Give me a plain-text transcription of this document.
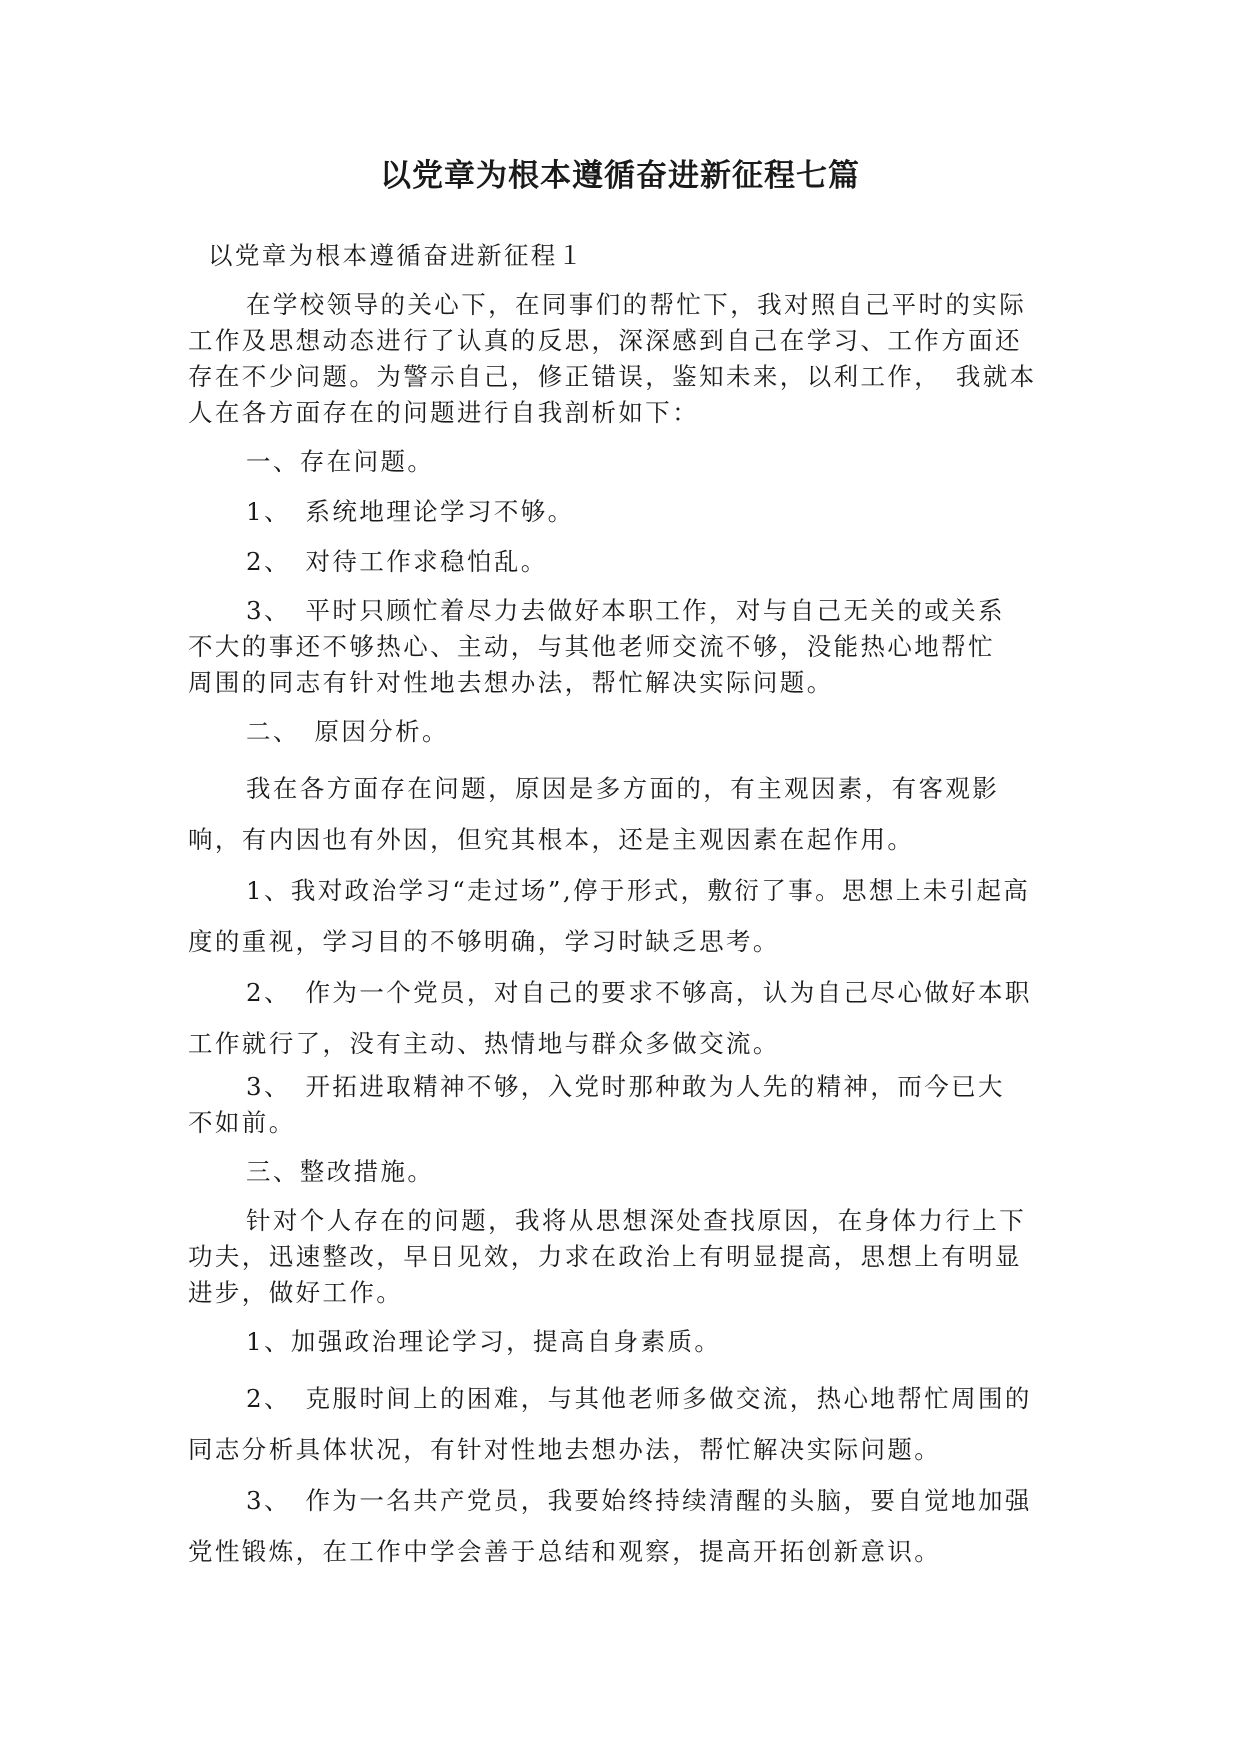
以党章为根本遵循奋进新征程七篇

以党章为根本遵循奋进新征程１

在学校领导的关心下，在同事们的帮忙下，我对照自己平时的实际工作及思想动态进行了认真的反思，深深感到自己在学习、工作方面还存在不少问题。为警示自己，修正错误，鉴知未来，以利工作，　我就本人在各方面存在的问题进行自我剖析如下：

一、存在问题。

1、　系统地理论学习不够。

2、　对待工作求稳怕乱。

3、　平时只顾忙着尽力去做好本职工作，对与自己无关的或关系　不大的事还不够热心、主动，与其他老师交流不够，没能热心地帮忙　周围的同志有针对性地去想办法，帮忙解决实际问题。

二、　原因分析。

我在各方面存在问题，原因是多方面的，有主观因素，有客观影响，有内因也有外因，但究其根本，还是主观因素在起作用。

1、我对政治学习“走过场”,停于形式，敷衍了事。思想上未引起高度的重视，学习目的不够明确，学习时缺乏思考。

2、　作为一个党员，对自己的要求不够高，认为自己尽心做好本职工作就行了，没有主动、热情地与群众多做交流。

3、　开拓进取精神不够，入党时那种敢为人先的精神，而今已大　不如前。

三、整改措施。

针对个人存在的问题，我将从思想深处查找原因，在身体力行上下功夫，迅速整改，早日见效，力求在政治上有明显提高，思想上有明显进步，做好工作。

1、加强政治理论学习，提高自身素质。

2、　克服时间上的困难，与其他老师多做交流，热心地帮忙周围的同志分析具体状况，有针对性地去想办法，帮忙解决实际问题。

3、　作为一名共产党员，我要始终持续清醒的头脑，要自觉地加强党性锻炼，在工作中学会善于总结和观察，提高开拓创新意识。
